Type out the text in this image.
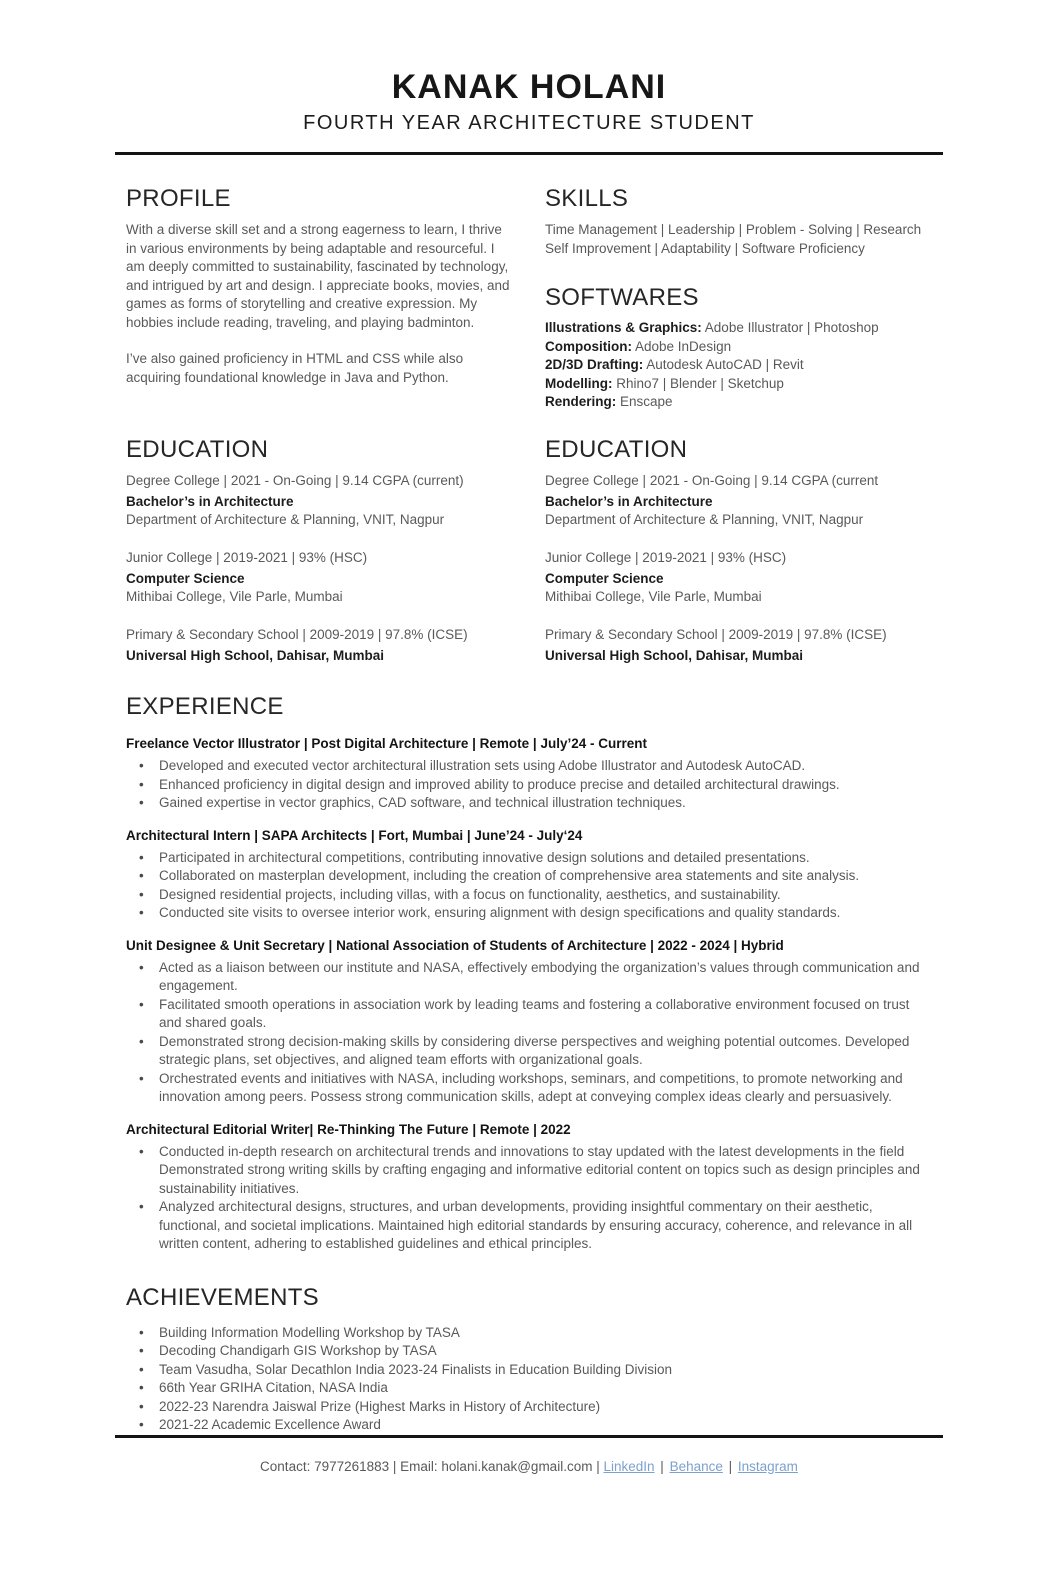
KANAK HOLANI
FOURTH YEAR ARCHITECTURE STUDENT
PROFILE

With a diverse skill set and a strong eagerness to learn, I thrive in various environments by being adaptable and resourceful. I am deeply committed to sustainability, fascinated by technology, and intrigued by art and design. I appreciate books, movies, and games as forms of storytelling and creative expression. My hobbies include reading, traveling, and playing badminton.

I’ve also gained proficiency in HTML and CSS while also acquiring foundational knowledge in Java and Python.

SKILLS
Time Management | Leadership | Problem - Solving | Research
Self Improvement | Adaptability | Software Proficiency
SOFTWARES
Illustrations & Graphics: Adobe Illustrator | Photoshop
Composition: Adobe InDesign
2D/3D Drafting: Autodesk AutoCAD | Revit
Modelling: Rhino7 | Blender | Sketchup
Rendering: Enscape
EDUCATION
Degree College | 2021 - On-Going | 9.14 CGPA (current)
Bachelor’s in Architecture
Department of Architecture & Planning, VNIT, Nagpur
Junior College | 2019-2021 | 93% (HSC)
Computer Science
Mithibai College, Vile Parle, Mumbai
Primary & Secondary School | 2009-2019 | 97.8% (ICSE)
Universal High School, Dahisar, Mumbai
EDUCATION
Degree College | 2021 - On-Going | 9.14 CGPA (current
Bachelor’s in Architecture
Department of Architecture & Planning, VNIT, Nagpur
Junior College | 2019-2021 | 93% (HSC)
Computer Science
Mithibai College, Vile Parle, Mumbai
Primary & Secondary School | 2009-2019 | 97.8% (ICSE)
Universal High School, Dahisar, Mumbai
EXPERIENCE
Freelance Vector Illustrator | Post Digital Architecture | Remote | July’24 - Current
• Developed and executed vector architectural illustration sets using Adobe Illustrator and Autodesk AutoCAD.
• Enhanced proficiency in digital design and improved ability to produce precise and detailed architectural drawings.
• Gained expertise in vector graphics, CAD software, and technical illustration techniques.
Architectural Intern | SAPA Architects | Fort, Mumbai | June’24 - July‘24
• Participated in architectural competitions, contributing innovative design solutions and detailed presentations.
• Collaborated on masterplan development, including the creation of comprehensive area statements and site analysis.
• Designed residential projects, including villas, with a focus on functionality, aesthetics, and sustainability.
• Conducted site visits to oversee interior work, ensuring alignment with design specifications and quality standards.
Unit Designee & Unit Secretary | National Association of Students of Architecture | 2022 - 2024 | Hybrid
• Acted as a liaison between our institute and NASA, effectively embodying the organization’s values through communication and engagement.
• Facilitated smooth operations in association work by leading teams and fostering a collaborative environment focused on trust and shared goals.
• Demonstrated strong decision-making skills by considering diverse perspectives and weighing potential outcomes. Developed strategic plans, set objectives, and aligned team efforts with organizational goals.
• Orchestrated events and initiatives with NASA, including workshops, seminars, and competitions, to promote networking and innovation among peers. Possess strong communication skills, adept at conveying complex ideas clearly and persuasively.
Architectural Editorial Writer| Re-Thinking The Future | Remote | 2022
• Conducted in-depth research on architectural trends and innovations to stay updated with the latest developments in the field Demonstrated strong writing skills by crafting engaging and informative editorial content on topics such as design principles and sustainability initiatives.
• Analyzed architectural designs, structures, and urban developments, providing insightful commentary on their aesthetic, functional, and societal implications. Maintained high editorial standards by ensuring accuracy, coherence, and relevance in all written content, adhering to established guidelines and ethical principles.
ACHIEVEMENTS
• Building Information Modelling Workshop by TASA
• Decoding Chandigarh GIS Workshop by TASA
• Team Vasudha, Solar Decathlon India 2023-24 Finalists in Education Building Division
• 66th Year GRIHA Citation, NASA India
• 2022-23 Narendra Jaiswal Prize (Highest Marks in History of Architecture)
• 2021-22 Academic Excellence Award
Contact: 7977261883 | Email: holani.kanak@gmail.com | LinkedIn | Behance | Instagram
